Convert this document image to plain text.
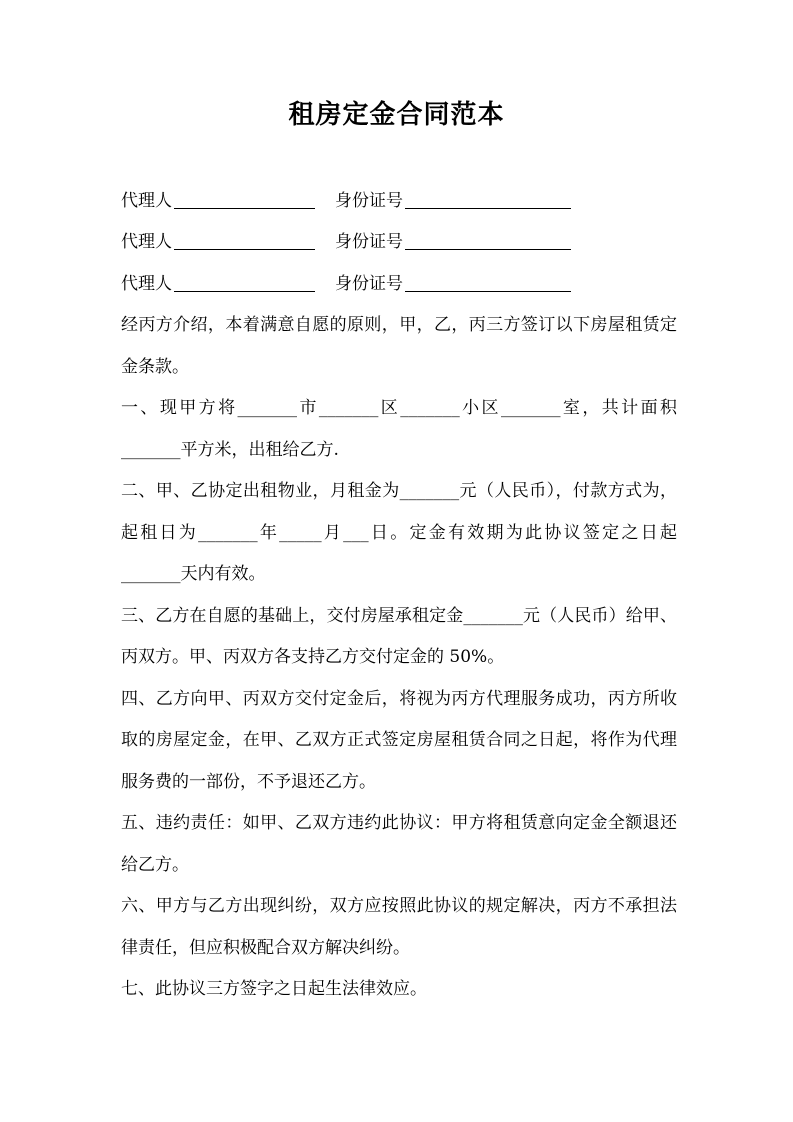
租房定金合同范本
代理人	身份证号
代理人	身份证号
代理人	身份证号

经丙方介绍，本着满意自愿的原则，甲，乙，丙三方签订以下房屋租赁定金条款。

一、现甲方将_______市_______区_______小区_______室，共计面积_______平方米，出租给乙方.

二、甲、乙协定出租物业，月租金为_______元（人民币），付款方式为，起租日为_______年_____月___日。定金有效期为此协议签定之日起_______天内有效。

三、乙方在自愿的基础上，交付房屋承租定金_______元（人民币）给甲、丙双方。甲、丙双方各支持乙方交付定金的 50%。

四、乙方向甲、丙双方交付定金后，将视为丙方代理服务成功，丙方所收取的房屋定金，在甲、乙双方正式签定房屋租赁合同之日起，将作为代理服务费的一部份，不予退还乙方。

五、违约责任：如甲、乙双方违约此协议：甲方将租赁意向定金全额退还给乙方。

六、甲方与乙方出现纠纷，双方应按照此协议的规定解决，丙方不承担法律责任，但应积极配合双方解决纠纷。

七、此协议三方签字之日起生法律效应。
